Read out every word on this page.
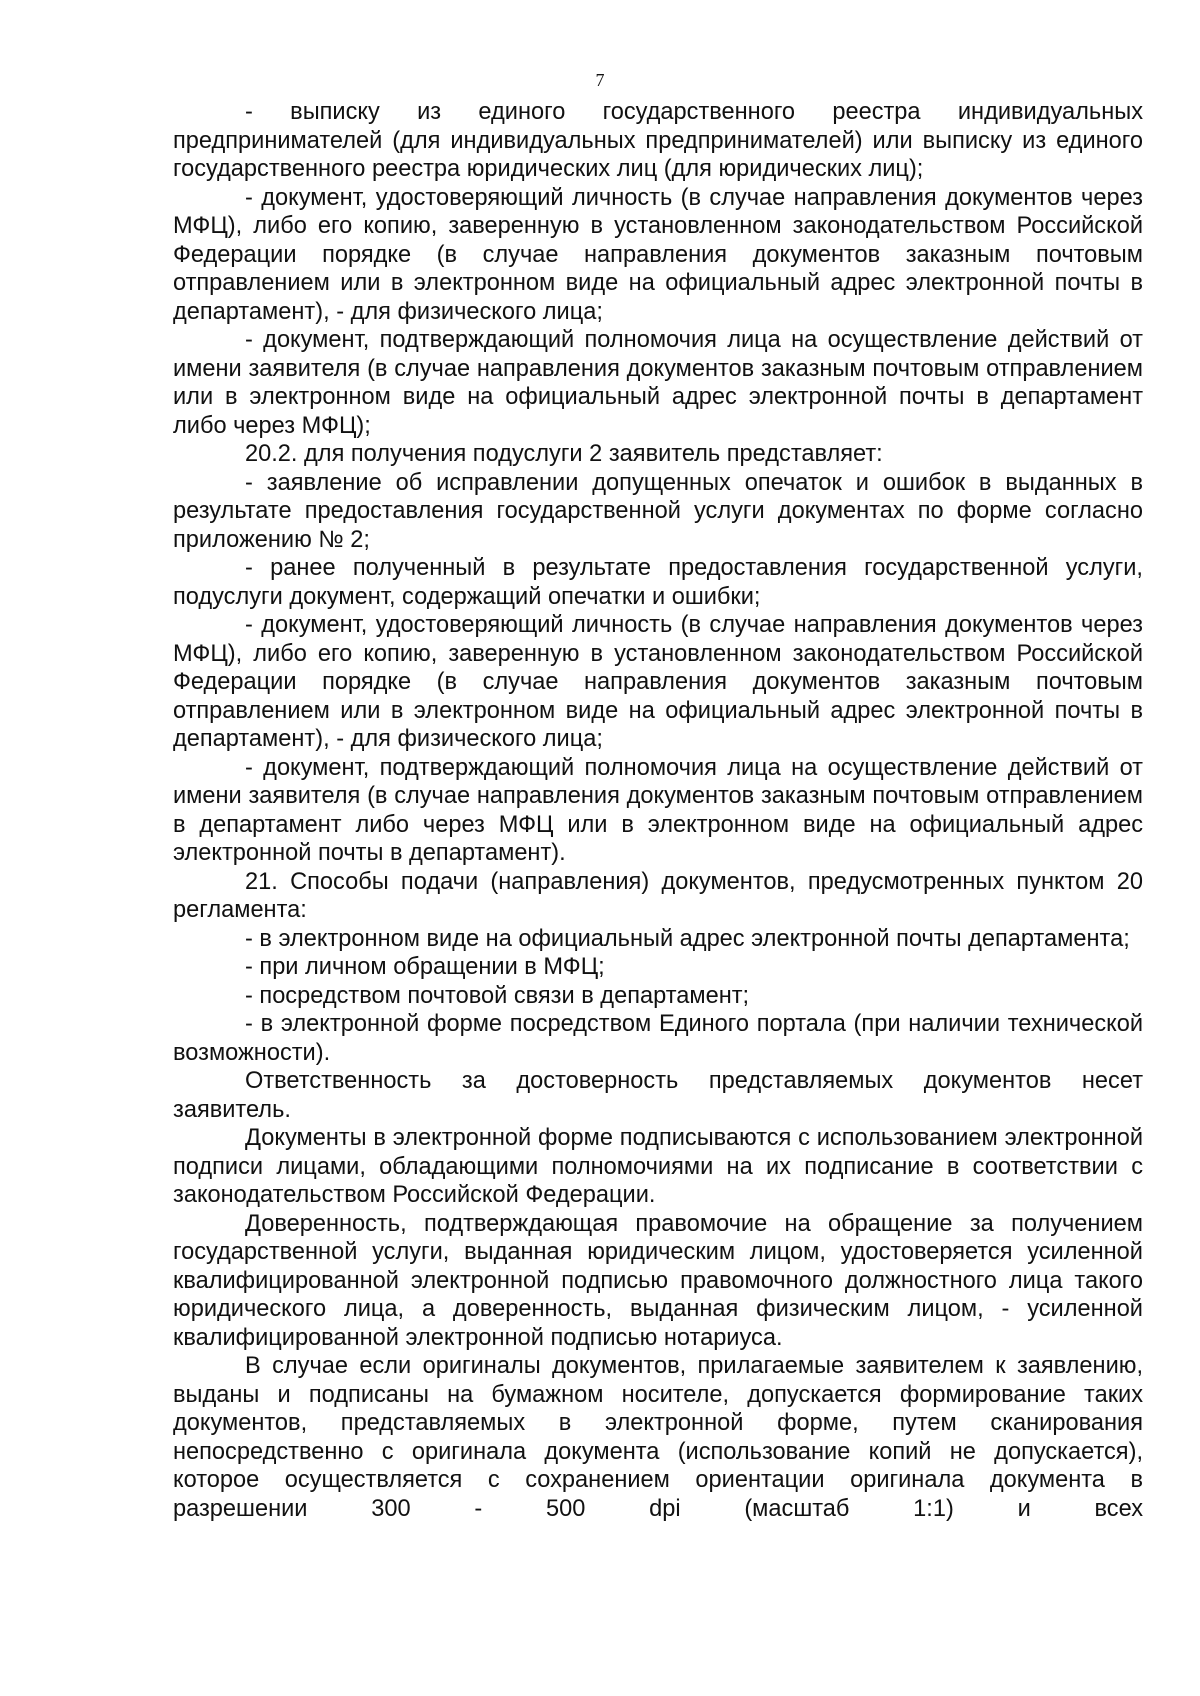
7

- выписку из единого государственного реестра индивидуальных предпринимателей (для индивидуальных предпринимателей) или выписку из единого государственного реестра юридических лиц (для юридических лиц);

- документ, удостоверяющий личность (в случае направления документов через МФЦ), либо его копию, заверенную в установленном законодательством Российской Федерации порядке (в случае направления документов заказным почтовым отправлением или в электронном виде на официальный адрес электронной почты в департамент), - для физического лица;

- документ, подтверждающий полномочия лица на осуществление действий от имени заявителя (в случае направления документов заказным почтовым отправлением или в электронном виде на официальный адрес электронной почты в департамент либо через МФЦ);

20.2. для получения подуслуги 2 заявитель представляет:

- заявление об исправлении допущенных опечаток и ошибок в выданных в результате предоставления государственной услуги документах по форме согласно приложению № 2;

- ранее полученный в результате предоставления государственной услуги, подуслуги документ, содержащий опечатки и ошибки;

- документ, удостоверяющий личность (в случае направления документов через МФЦ), либо его копию, заверенную в установленном законодательством Российской Федерации порядке (в случае направления документов заказным почтовым отправлением или в электронном виде на официальный адрес электронной почты в департамент), - для физического лица;

- документ, подтверждающий полномочия лица на осуществление действий от имени заявителя (в случае направления документов заказным почтовым отправлением в департамент либо через МФЦ или в электронном виде на официальный адрес электронной почты в департамент).

21. Способы подачи (направления) документов, предусмотренных пунктом 20 регламента:

- в электронном виде на официальный адрес электронной почты департамента;

- при личном обращении в МФЦ;

- посредством почтовой связи в департамент;

- в электронной форме посредством Единого портала (при наличии технической возможности).

Ответственность за достоверность представляемых документов несет заявитель.

Документы в электронной форме подписываются с использованием электронной подписи лицами, обладающими полномочиями на их подписание в соответствии с законодательством Российской Федерации.

Доверенность, подтверждающая правомочие на обращение за получением государственной услуги, выданная юридическим лицом, удостоверяется усиленной квалифицированной электронной подписью правомочного должностного лица такого юридического лица, а доверенность, выданная физическим лицом, - усиленной квалифицированной электронной подписью нотариуса.

В случае если оригиналы документов, прилагаемые заявителем к заявлению, выданы и подписаны на бумажном носителе, допускается формирование таких документов, представляемых в электронной форме, путем сканирования непосредственно с оригинала документа (использование копий не допускается), которое осуществляется с сохранением ориентации оригинала документа в разрешении 300 - 500 dpi (масштаб 1:1) и всех
